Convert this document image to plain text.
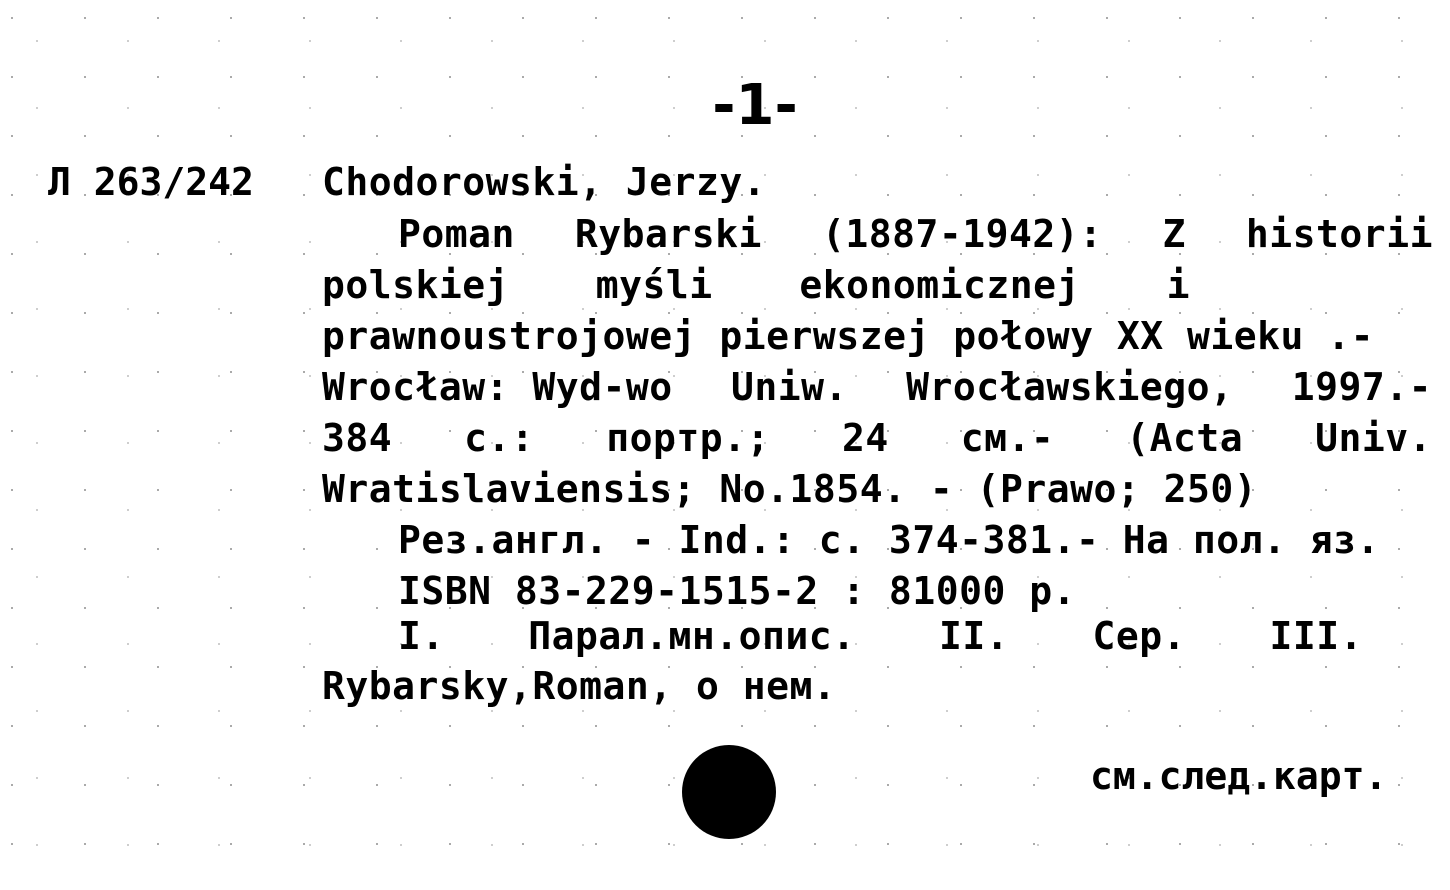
-1-
Л 263/242 Chodorowski, Jerzy.
Poman Rybarski (1887-1942): Z historii
polskiej myśli ekonomicznej i
prawnoustrojowej pierwszej połowy XX wieku .-
Wrocław: Wyd-wo Uniw. Wrocławskiego, 1997.-
384 с.: портр.; 24 см.- (Acta Univ.
Wratislaviensis; No.1854. - (Prawo; 250)
Рез.англ. - Ind.: с. 374-381.- На пол. яз.
ISBN 83-229-1515-2 : 81000 р.
I. Парал.мн.опис. II. Сер. III.
Rybarsky,Roman, о нем.
см.след.карт.
